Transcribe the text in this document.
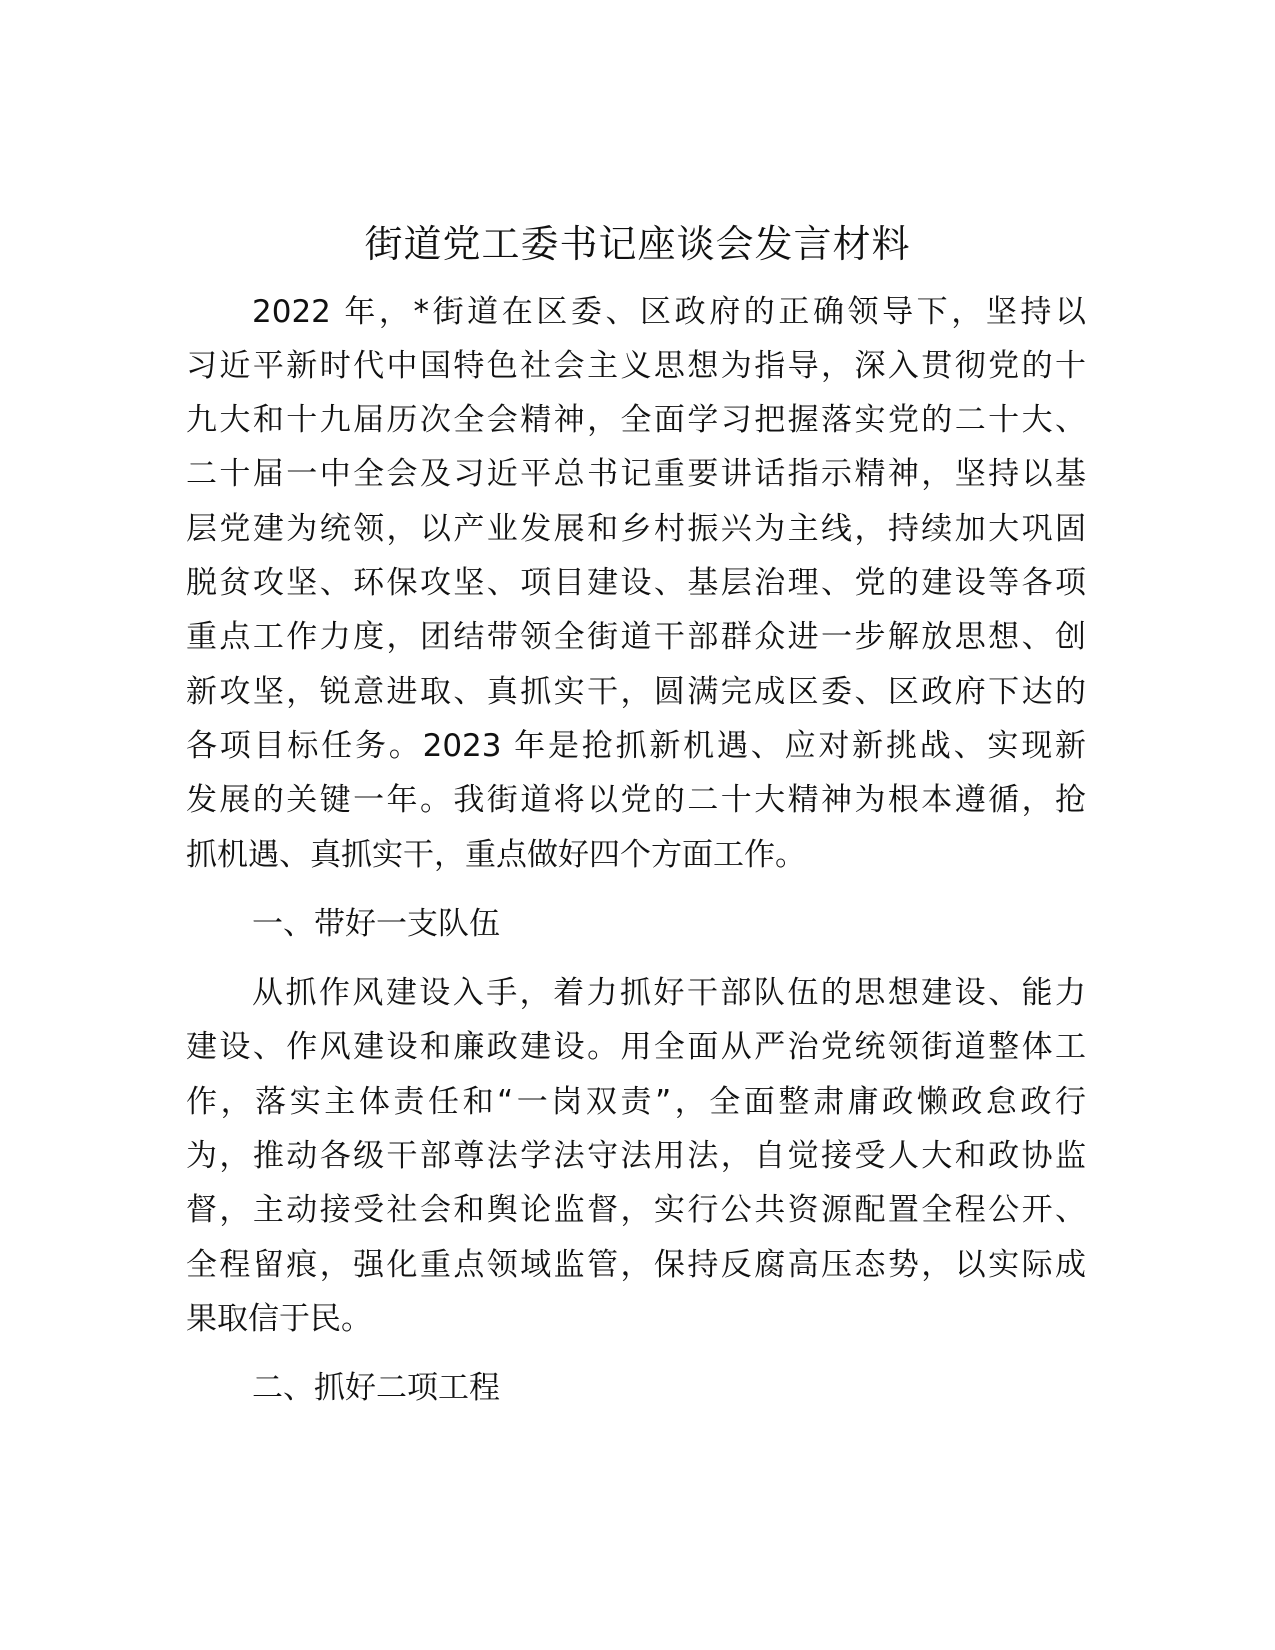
街道党工委书记座谈会发言材料

2022 年，*街道在区委、区政府的正确领导下，坚持以

习近平新时代中国特色社会主义思想为指导，深入贯彻党的十

九大和十九届历次全会精神，全面学习把握落实党的二十大、

二十届一中全会及习近平总书记重要讲话指示精神，坚持以基

层党建为统领，以产业发展和乡村振兴为主线，持续加大巩固

脱贫攻坚、环保攻坚、项目建设、基层治理、党的建设等各项

重点工作力度，团结带领全街道干部群众进一步解放思想、创

新攻坚，锐意进取、真抓实干，圆满完成区委、区政府下达的

各项目标任务。2023 年是抢抓新机遇、应对新挑战、实现新

发展的关键一年。我街道将以党的二十大精神为根本遵循，抢

抓机遇、真抓实干，重点做好四个方面工作。

一、带好一支队伍

从抓作风建设入手，着力抓好干部队伍的思想建设、能力

建设、作风建设和廉政建设。用全面从严治党统领街道整体工

作，落实主体责任和“一岗双责”，全面整肃庸政懒政怠政行

为，推动各级干部尊法学法守法用法，自觉接受人大和政协监

督，主动接受社会和舆论监督，实行公共资源配置全程公开、

全程留痕，强化重点领域监管，保持反腐高压态势，以实际成

果取信于民。

二、抓好二项工程
